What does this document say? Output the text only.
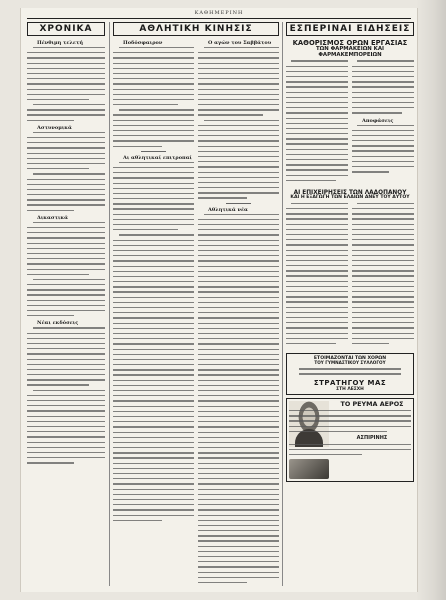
ΚΑΘΗΜΕΡΙΝΗ
ΧΡΟΝΙΚΑ	ΑΘΛΗΤΙΚΗ ΚΙΝΗΣΙΣ	ΕΣΠΕΡΙΝΑΙ ΕΙΔΗΣΕΙΣ
Πένθιμη τελετή
Αστυνομικά
Δικαστικά
Νέαι εκδόσεις
Ποδόσφαιρον
Αι αθλητικαί επιτροπαί
Ο αγών του Σαββάτου
Αθλητικά νέα
ΚΑΘΟΡΙΣΜΟΣ ΟΡΩΝ ΕΡΓΑΣΙΑΣ
ΤΩΝ ΦΑΡΜΑΚΕΙΩΝ ΚΑΙ ΦΑΡΜΑΚΕΜΠΟΡΕΙΩΝ
Αποφάσεις
ΑΙ ΕΠΙΧΕΙΡΗΣΕΙΣ ΤΩΝ ΛΑΔΟΠΑΝΟΥ
ΚΑΙ Η ΕΞΑΓΩΓΗ ΤΩΝ ΕΛΑΙΩΝ ΑΝΕΥ ΤΟΥ ΑΥΤΟΥ
ΕΤΟΙΜΑΖΟΝΤΑΙ ΤΩΝ ΧΟΡΩΝ
ΤΟΥ ΓΥΜΝΑΣΤΙΚΟΥ ΣΥΛΛΟΓΟΥ
ΣΤΡΑΤΗΓΟΥ ΜΑΣ
ΣΤΗ ΛΕΣΧΗ
ΤΟ ΡΕΥΜΑ ΑΕΡΟΣ
ΑΣΠΙΡΙΝΗΣ
